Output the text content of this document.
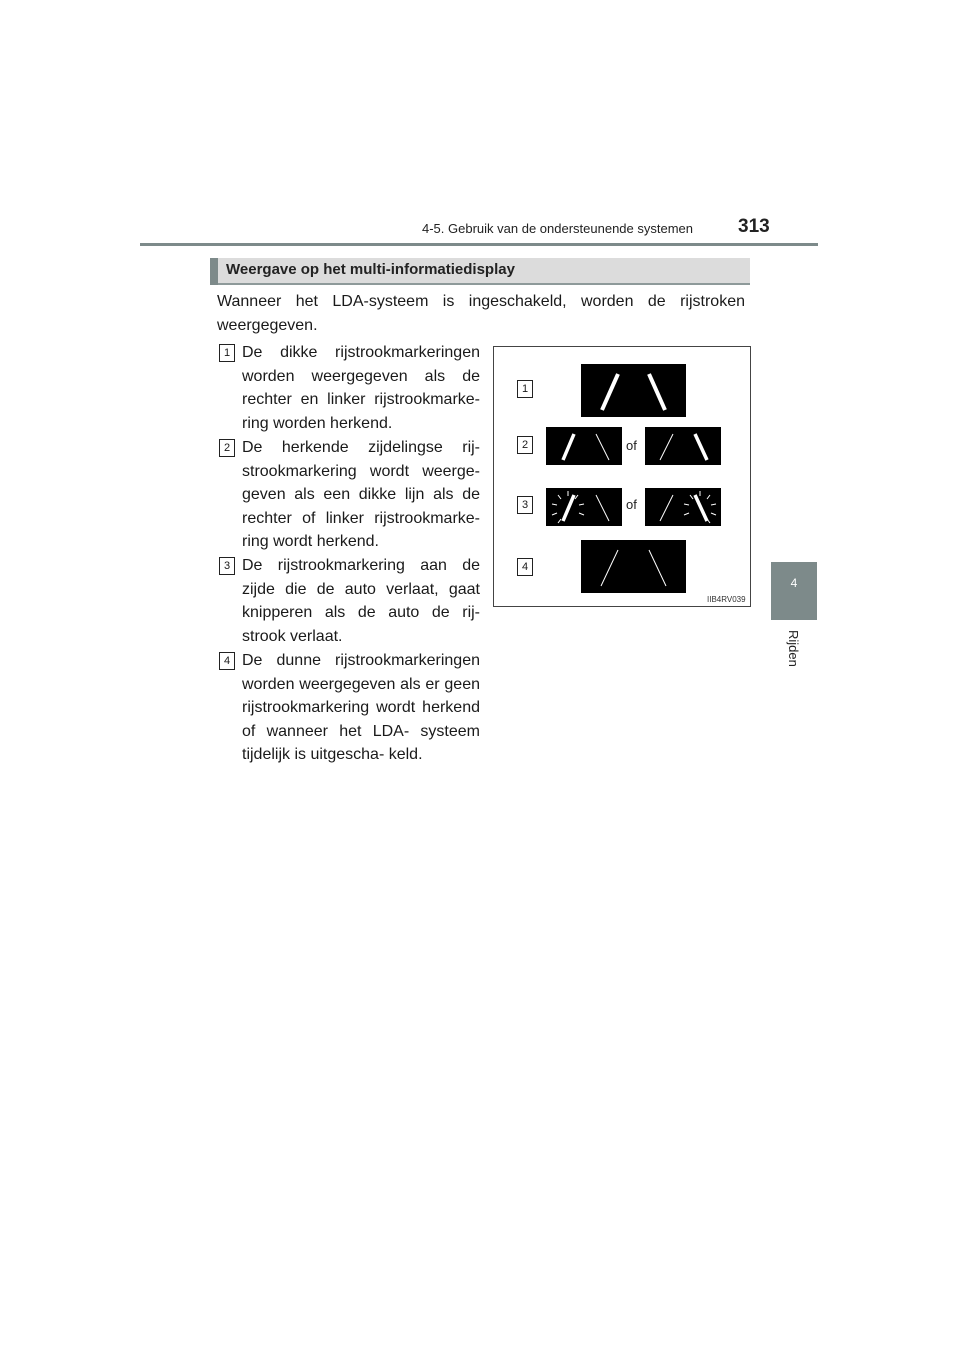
4-5. Gebruik van de ondersteunende systemen 313
4
Rijden
Weergave op het multi-informatiedisplay
Wanneer het LDA-systeem is ingeschakeld, worden de rijstroken weergegeven.
1 De dikke rijstrookmarkeringen worden weergegeven als de rechter en linker rijstrookmarke- ring worden herkend.
2 De herkende zijdelingse rij- strookmarkering wordt weerge- geven als een dikke lijn als de rechter of linker rijstrookmarke- ring wordt herkend.
3 De rijstrookmarkering aan de zijde die de auto verlaat, gaat knipperen als de auto de rij- strook verlaat.
4 De dunne rijstrookmarkeringen worden weergegeven als er geen rijstrookmarkering wordt herkend of wanneer het LDA- systeem tijdelijk is uitgescha- keld.
1
2
3
4
of
of
IIB4RV039
